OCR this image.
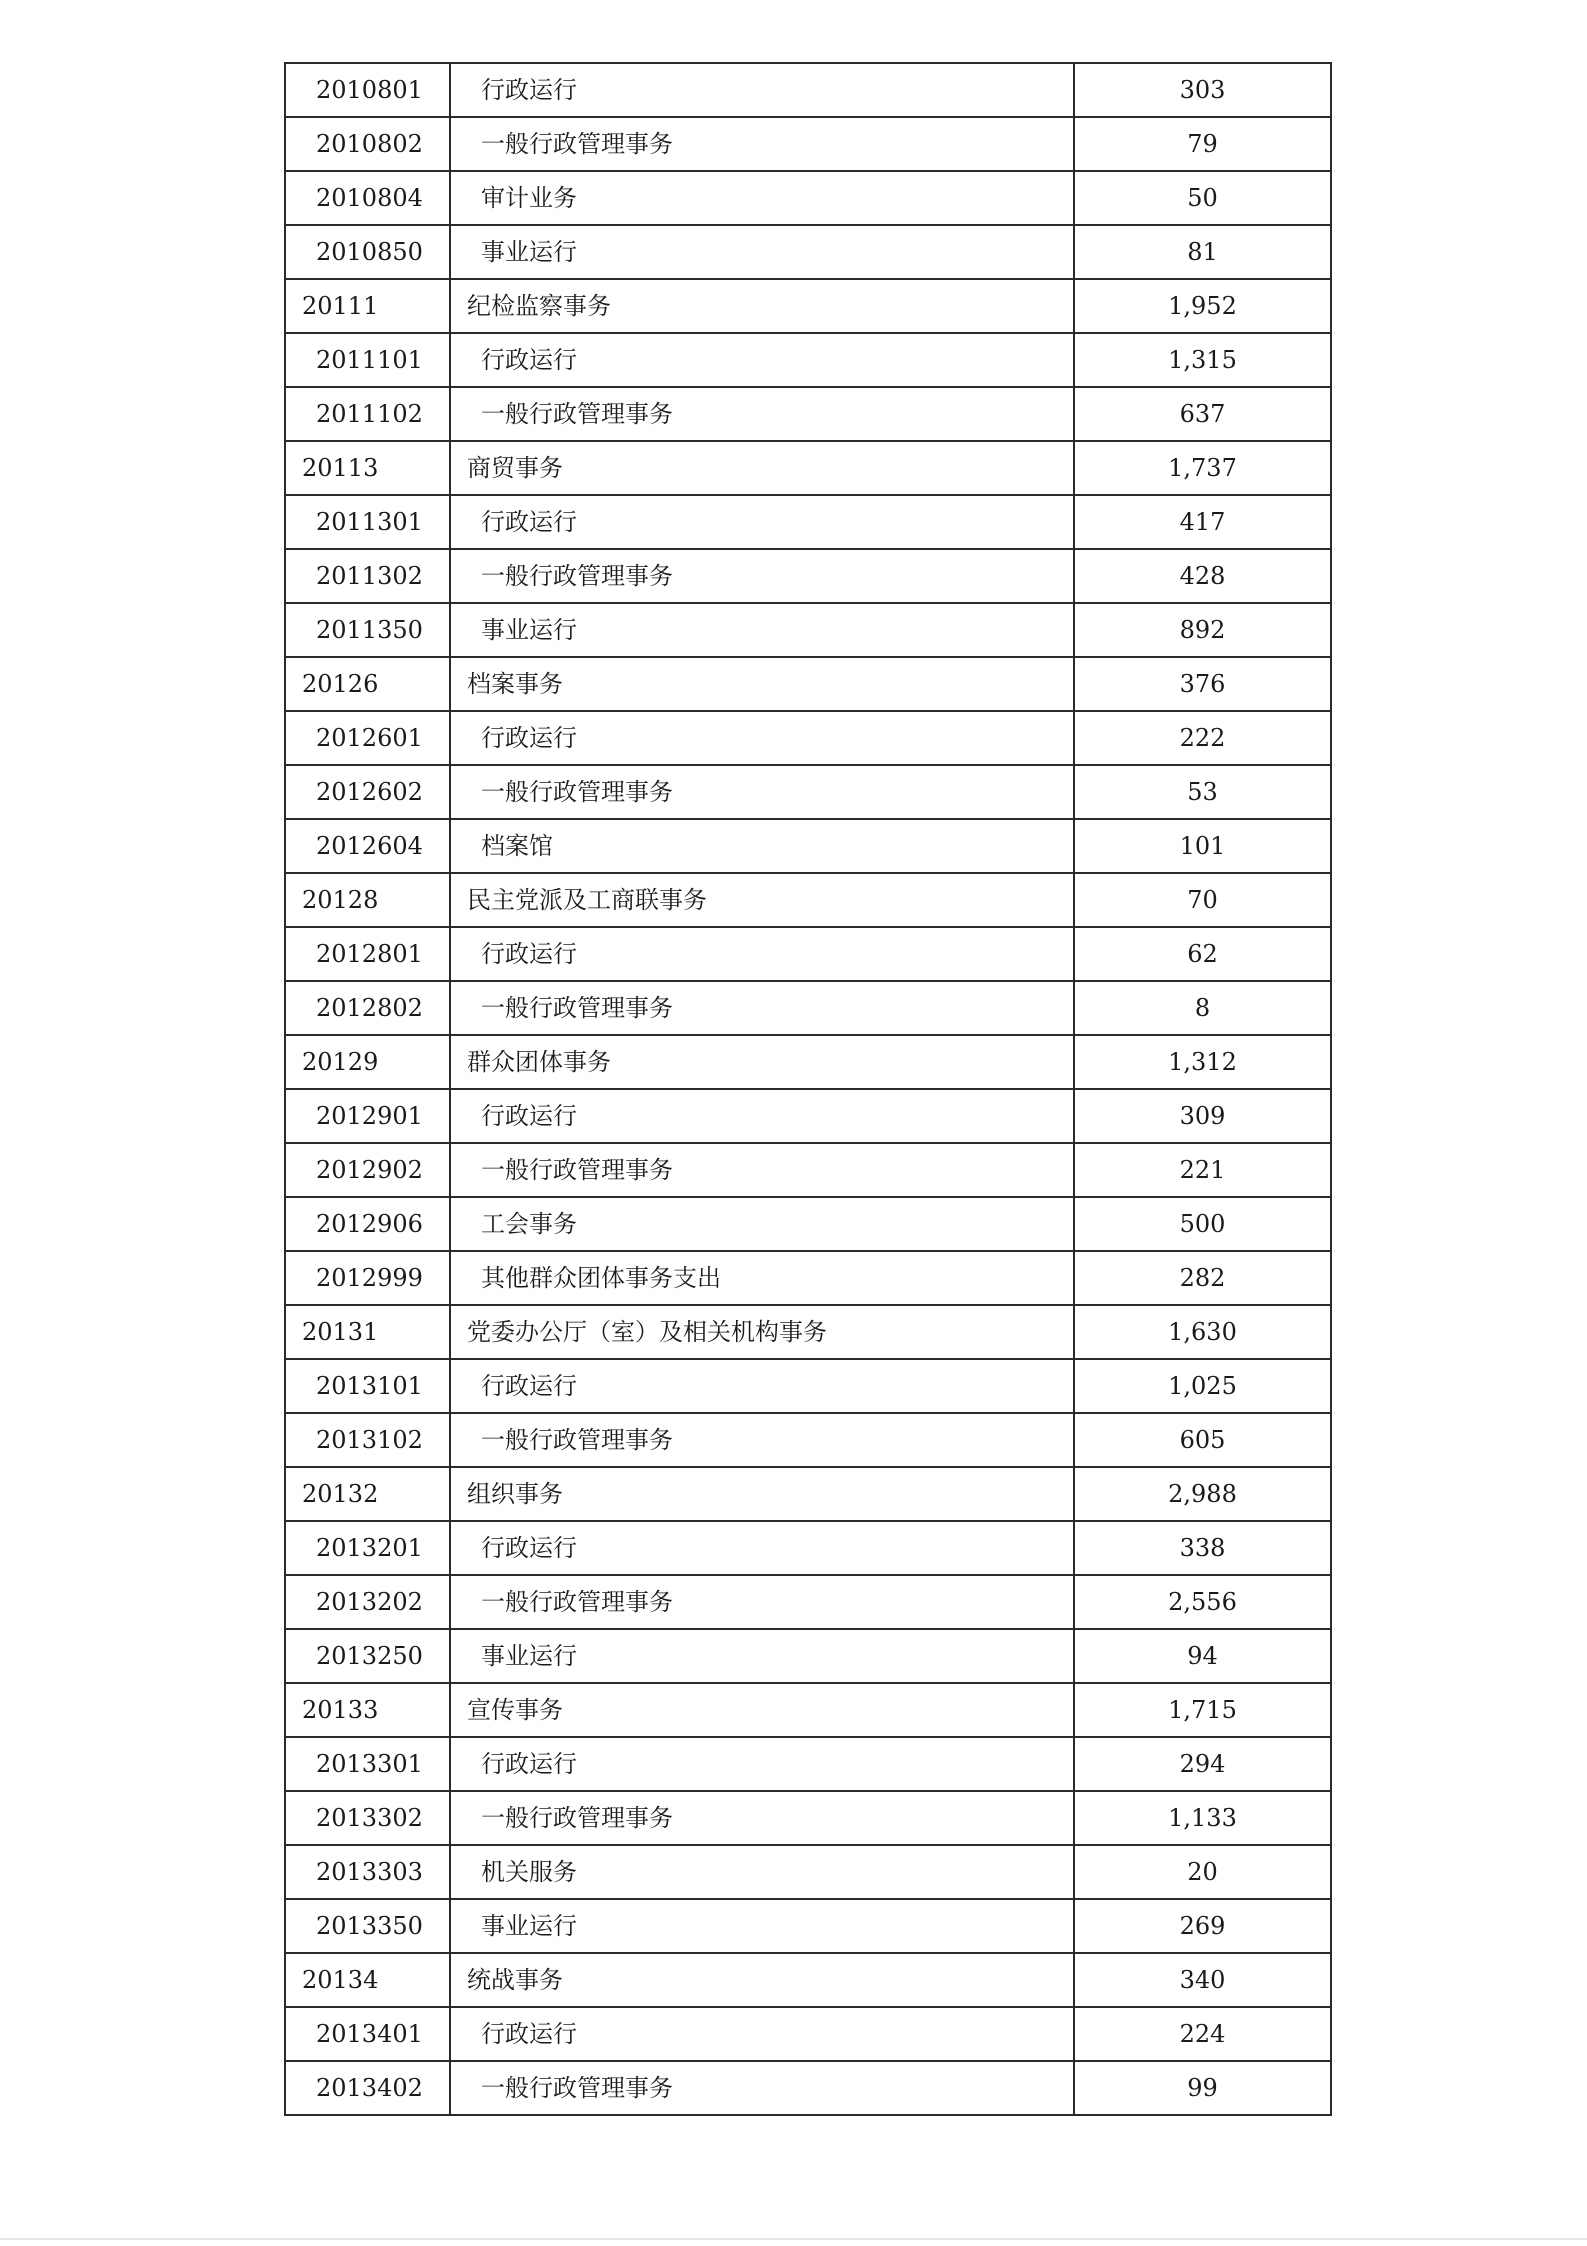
2010801	行政运行	303
2010802	一般行政管理事务	79
2010804	审计业务	50
2010850	事业运行	81
20111	纪检监察事务	1,952
2011101	行政运行	1,315
2011102	一般行政管理事务	637
20113	商贸事务	1,737
2011301	行政运行	417
2011302	一般行政管理事务	428
2011350	事业运行	892
20126	档案事务	376
2012601	行政运行	222
2012602	一般行政管理事务	53
2012604	档案馆	101
20128	民主党派及工商联事务	70
2012801	行政运行	62
2012802	一般行政管理事务	8
20129	群众团体事务	1,312
2012901	行政运行	309
2012902	一般行政管理事务	221
2012906	工会事务	500
2012999	其他群众团体事务支出	282
20131	党委办公厅（室）及相关机构事务	1,630
2013101	行政运行	1,025
2013102	一般行政管理事务	605
20132	组织事务	2,988
2013201	行政运行	338
2013202	一般行政管理事务	2,556
2013250	事业运行	94
20133	宣传事务	1,715
2013301	行政运行	294
2013302	一般行政管理事务	1,133
2013303	机关服务	20
2013350	事业运行	269
20134	统战事务	340
2013401	行政运行	224
2013402	一般行政管理事务	99
